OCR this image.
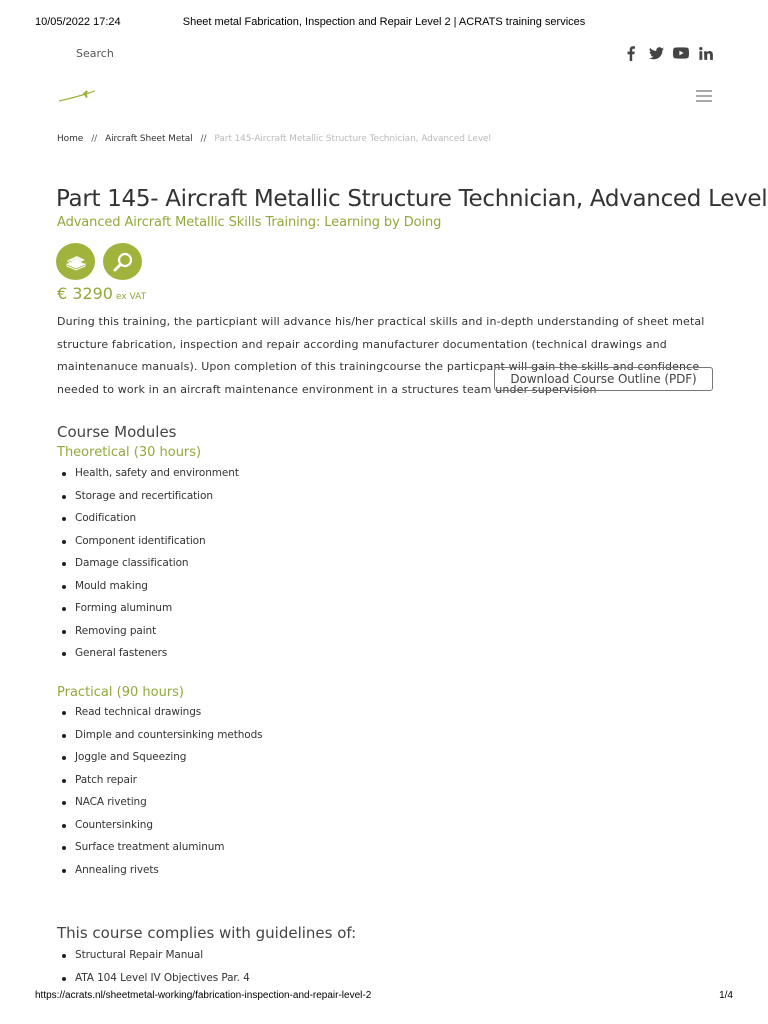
10/05/2022 17:24	Sheet metal Fabrication, Inspection and Repair Level 2 | ACRATS training services
Search
Home // Aircraft Sheet Metal // Part 145-Aircraft Metallic Structure Technician, Advanced Level
Part 145- Aircraft Metallic Structure Technician, Advanced Level
Advanced Aircraft Metallic Skills Training: Learning by Doing
€ 3290 ex VAT

During this training, the particpiant will advance his/her practical skills and in-depth understanding of sheet metal structure fabrication, inspection and repair according manufacturer documentation (technical drawings and maintenanuce manuals). Upon completion of this trainingcourse the particpant will gain the skills and confidence needed to work in an aircraft maintenance environment in a structures team under supervision

Download Course Outline (PDF)
Course Modules
Theoretical (30 hours)
Health, safety and environment
Storage and recertification
Codification
Component identification
Damage classification
Mould making
Forming aluminum
Removing paint
General fasteners
Practical (90 hours)
Read technical drawings
Dimple and countersinking methods
Joggle and Squeezing
Patch repair
NACA riveting
Countersinking
Surface treatment aluminum
Annealing rivets
This course complies with guidelines of:
Structural Repair Manual
ATA 104 Level IV Objectives Par. 4
https://acrats.nl/sheetmetal-working/fabrication-inspection-and-repair-level-2	1/4
